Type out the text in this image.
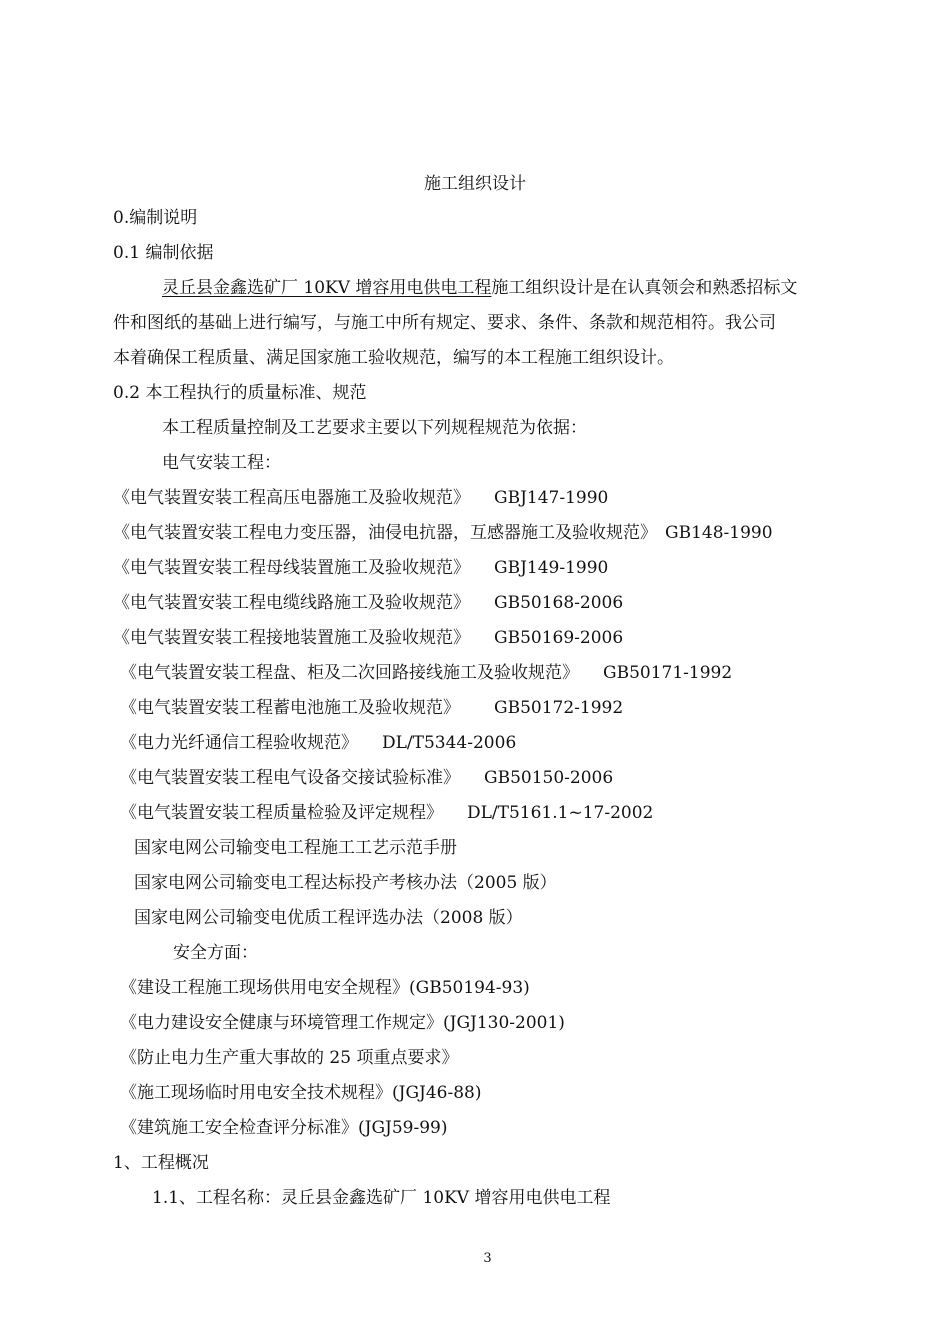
施工组织设计
0.编制说明
0.1 编制依据
灵丘县金鑫选矿厂 10KV 增容用电供电工程施工组织设计是在认真领会和熟悉招标文
件和图纸的基础上进行编写，与施工中所有规定、要求、条件、条款和规范相符。我公司
本着确保工程质量、满足国家施工验收规范，编写的本工程施工组织设计。
0.2 本工程执行的质量标准、规范
本工程质量控制及工艺要求主要以下列规程规范为依据：
电气安装工程：
《电气装置安装工程高压电器施工及验收规范》 GBJ147-1990
《电气装置安装工程电力变压器，油侵电抗器，互感器施工及验收规范》 GB148-1990
《电气装置安装工程母线装置施工及验收规范》 GBJ149-1990
《电气装置安装工程电缆线路施工及验收规范》 GB50168-2006
《电气装置安装工程接地装置施工及验收规范》 GB50169-2006
《电气装置安装工程盘、柜及二次回路接线施工及验收规范》 GB50171-1992
《电气装置安装工程蓄电池施工及验收规范》 GB50172-1992
《电力光纤通信工程验收规范》 DL/T5344-2006
《电气装置安装工程电气设备交接试验标准》 GB50150-2006
《电气装置安装工程质量检验及评定规程》 DL/T5161.1~17-2002
国家电网公司输变电工程施工工艺示范手册
国家电网公司输变电工程达标投产考核办法（2005 版）
国家电网公司输变电优质工程评选办法（2008 版）
安全方面：
《建设工程施工现场供用电安全规程》(GB50194-93)
《电力建设安全健康与环境管理工作规定》(JGJ130-2001)
《防止电力生产重大事故的 25 项重点要求》
《施工现场临时用电安全技术规程》(JGJ46-88)
《建筑施工安全检查评分标准》(JGJ59-99)
1、工程概况
1.1、工程名称：灵丘县金鑫选矿厂 10KV 增容用电供电工程
3
